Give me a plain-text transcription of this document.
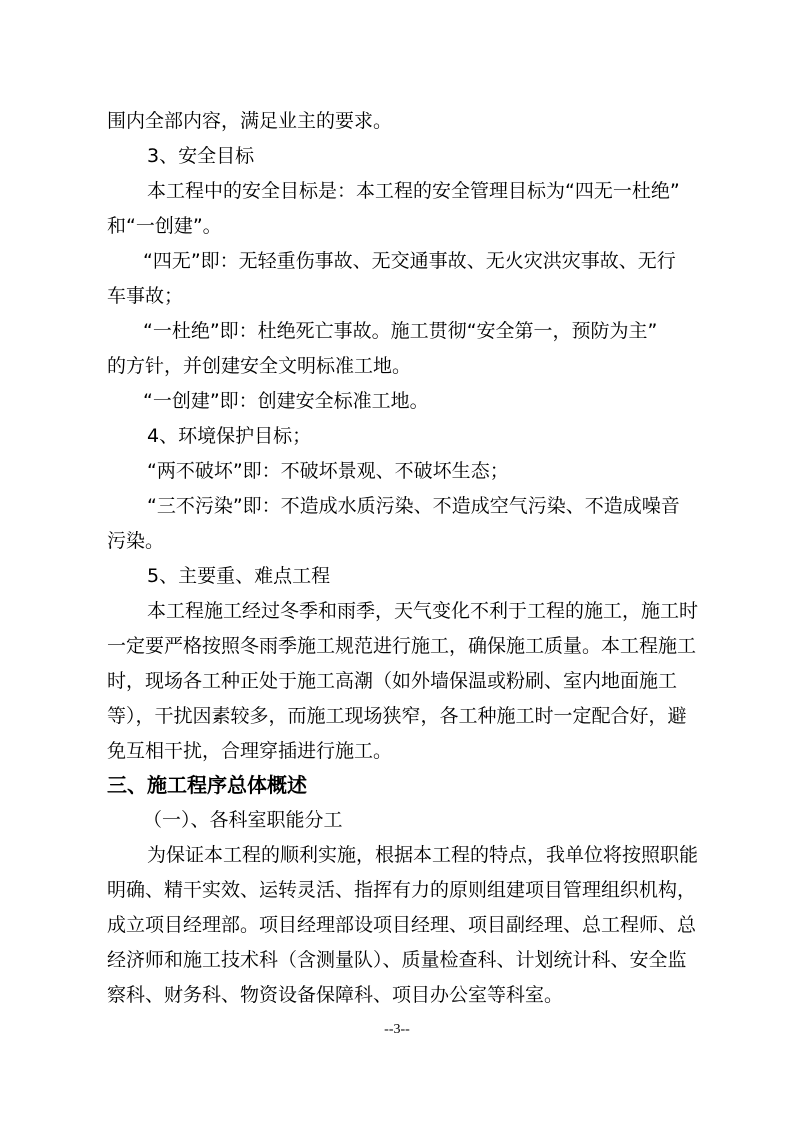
围内全部内容，满足业主的要求。
3、安全目标
本工程中的安全目标是：本工程的安全管理目标为“四无一杜绝”
和“一创建”。
“四无”即：无轻重伤事故、无交通事故、无火灾洪灾事故、无行
车事故；
“一杜绝”即：杜绝死亡事故。施工贯彻“安全第一，预防为主”
的方针，并创建安全文明标准工地。
“一创建”即：创建安全标准工地。
4、环境保护目标；
“两不破坏”即：不破坏景观、不破坏生态；
“三不污染”即：不造成水质污染、不造成空气污染、不造成噪音
污染。
5、主要重、难点工程
本工程施工经过冬季和雨季，天气变化不利于工程的施工，施工时
一定要严格按照冬雨季施工规范进行施工，确保施工质量。本工程施工
时，现场各工种正处于施工高潮（如外墙保温或粉刷、室内地面施工
等），干扰因素较多，而施工现场狭窄，各工种施工时一定配合好，避
免互相干扰，合理穿插进行施工。
三、施工程序总体概述
（一）、各科室职能分工
为保证本工程的顺利实施，根据本工程的特点，我单位将按照职能
明确、精干实效、运转灵活、指挥有力的原则组建项目管理组织机构，
成立项目经理部。项目经理部设项目经理、项目副经理、总工程师、总
经济师和施工技术科（含测量队）、质量检查科、计划统计科、安全监
察科、财务科、物资设备保障科、项目办公室等科室。
--3--
